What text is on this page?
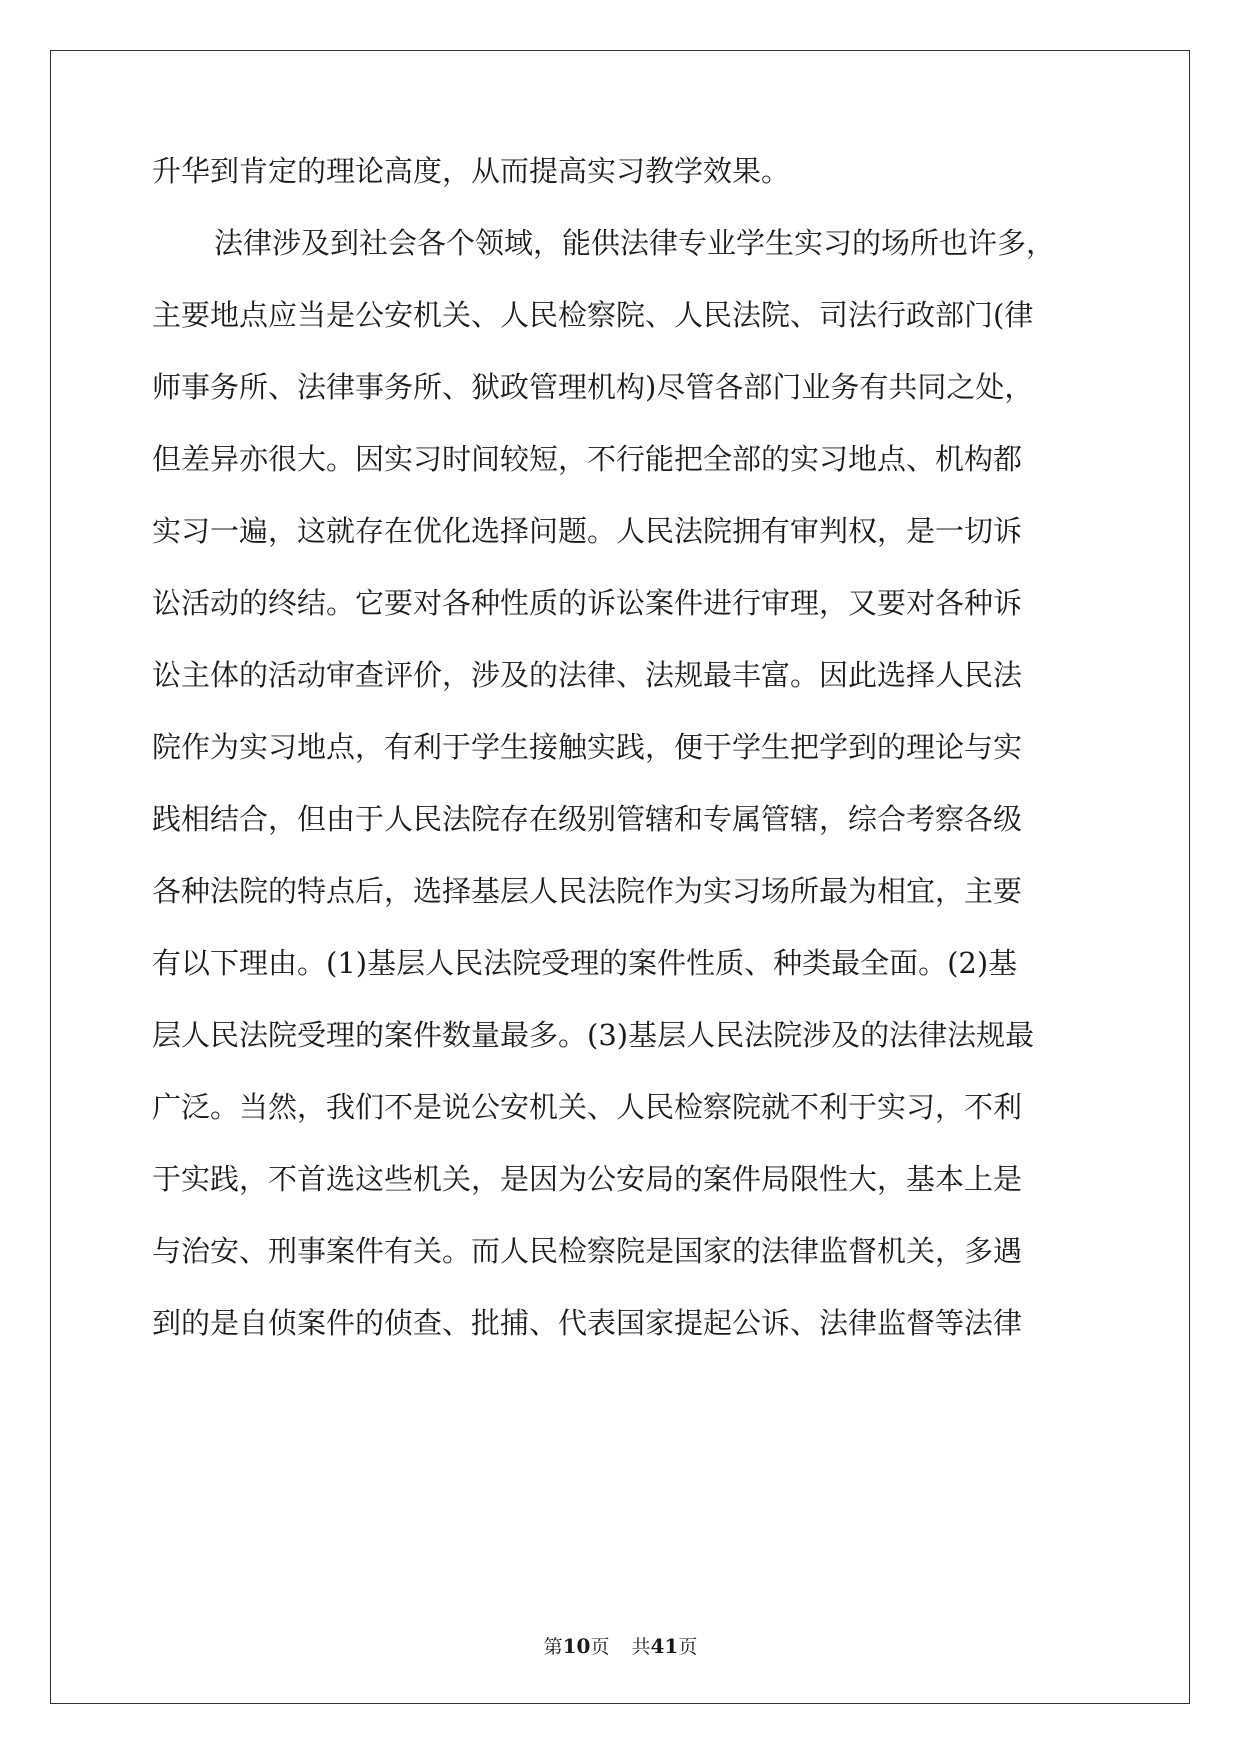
升华到肯定的理论高度，从而提高实习教学效果。
法律涉及到社会各个领域，能供法律专业学生实习的场所也许多，
主要地点应当是公安机关、人民检察院、人民法院、司法行政部门(律
师事务所、法律事务所、狱政管理机构)尽管各部门业务有共同之处，
但差异亦很大。因实习时间较短，不行能把全部的实习地点、机构都
实习一遍，这就存在优化选择问题。人民法院拥有审判权，是一切诉
讼活动的终结。它要对各种性质的诉讼案件进行审理，又要对各种诉
讼主体的活动审查评价，涉及的法律、法规最丰富。因此选择人民法
院作为实习地点，有利于学生接触实践，便于学生把学到的理论与实
践相结合，但由于人民法院存在级别管辖和专属管辖，综合考察各级
各种法院的特点后，选择基层人民法院作为实习场所最为相宜，主要
有以下理由。(1)基层人民法院受理的案件性质、种类最全面。(2)基
层人民法院受理的案件数量最多。(3)基层人民法院涉及的法律法规最
广泛。当然，我们不是说公安机关、人民检察院就不利于实习，不利
于实践，不首选这些机关，是因为公安局的案件局限性大，基本上是
与治安、刑事案件有关。而人民检察院是国家的法律监督机关，多遇
到的是自侦案件的侦查、批捕、代表国家提起公诉、法律监督等法律
第10页 共41页
